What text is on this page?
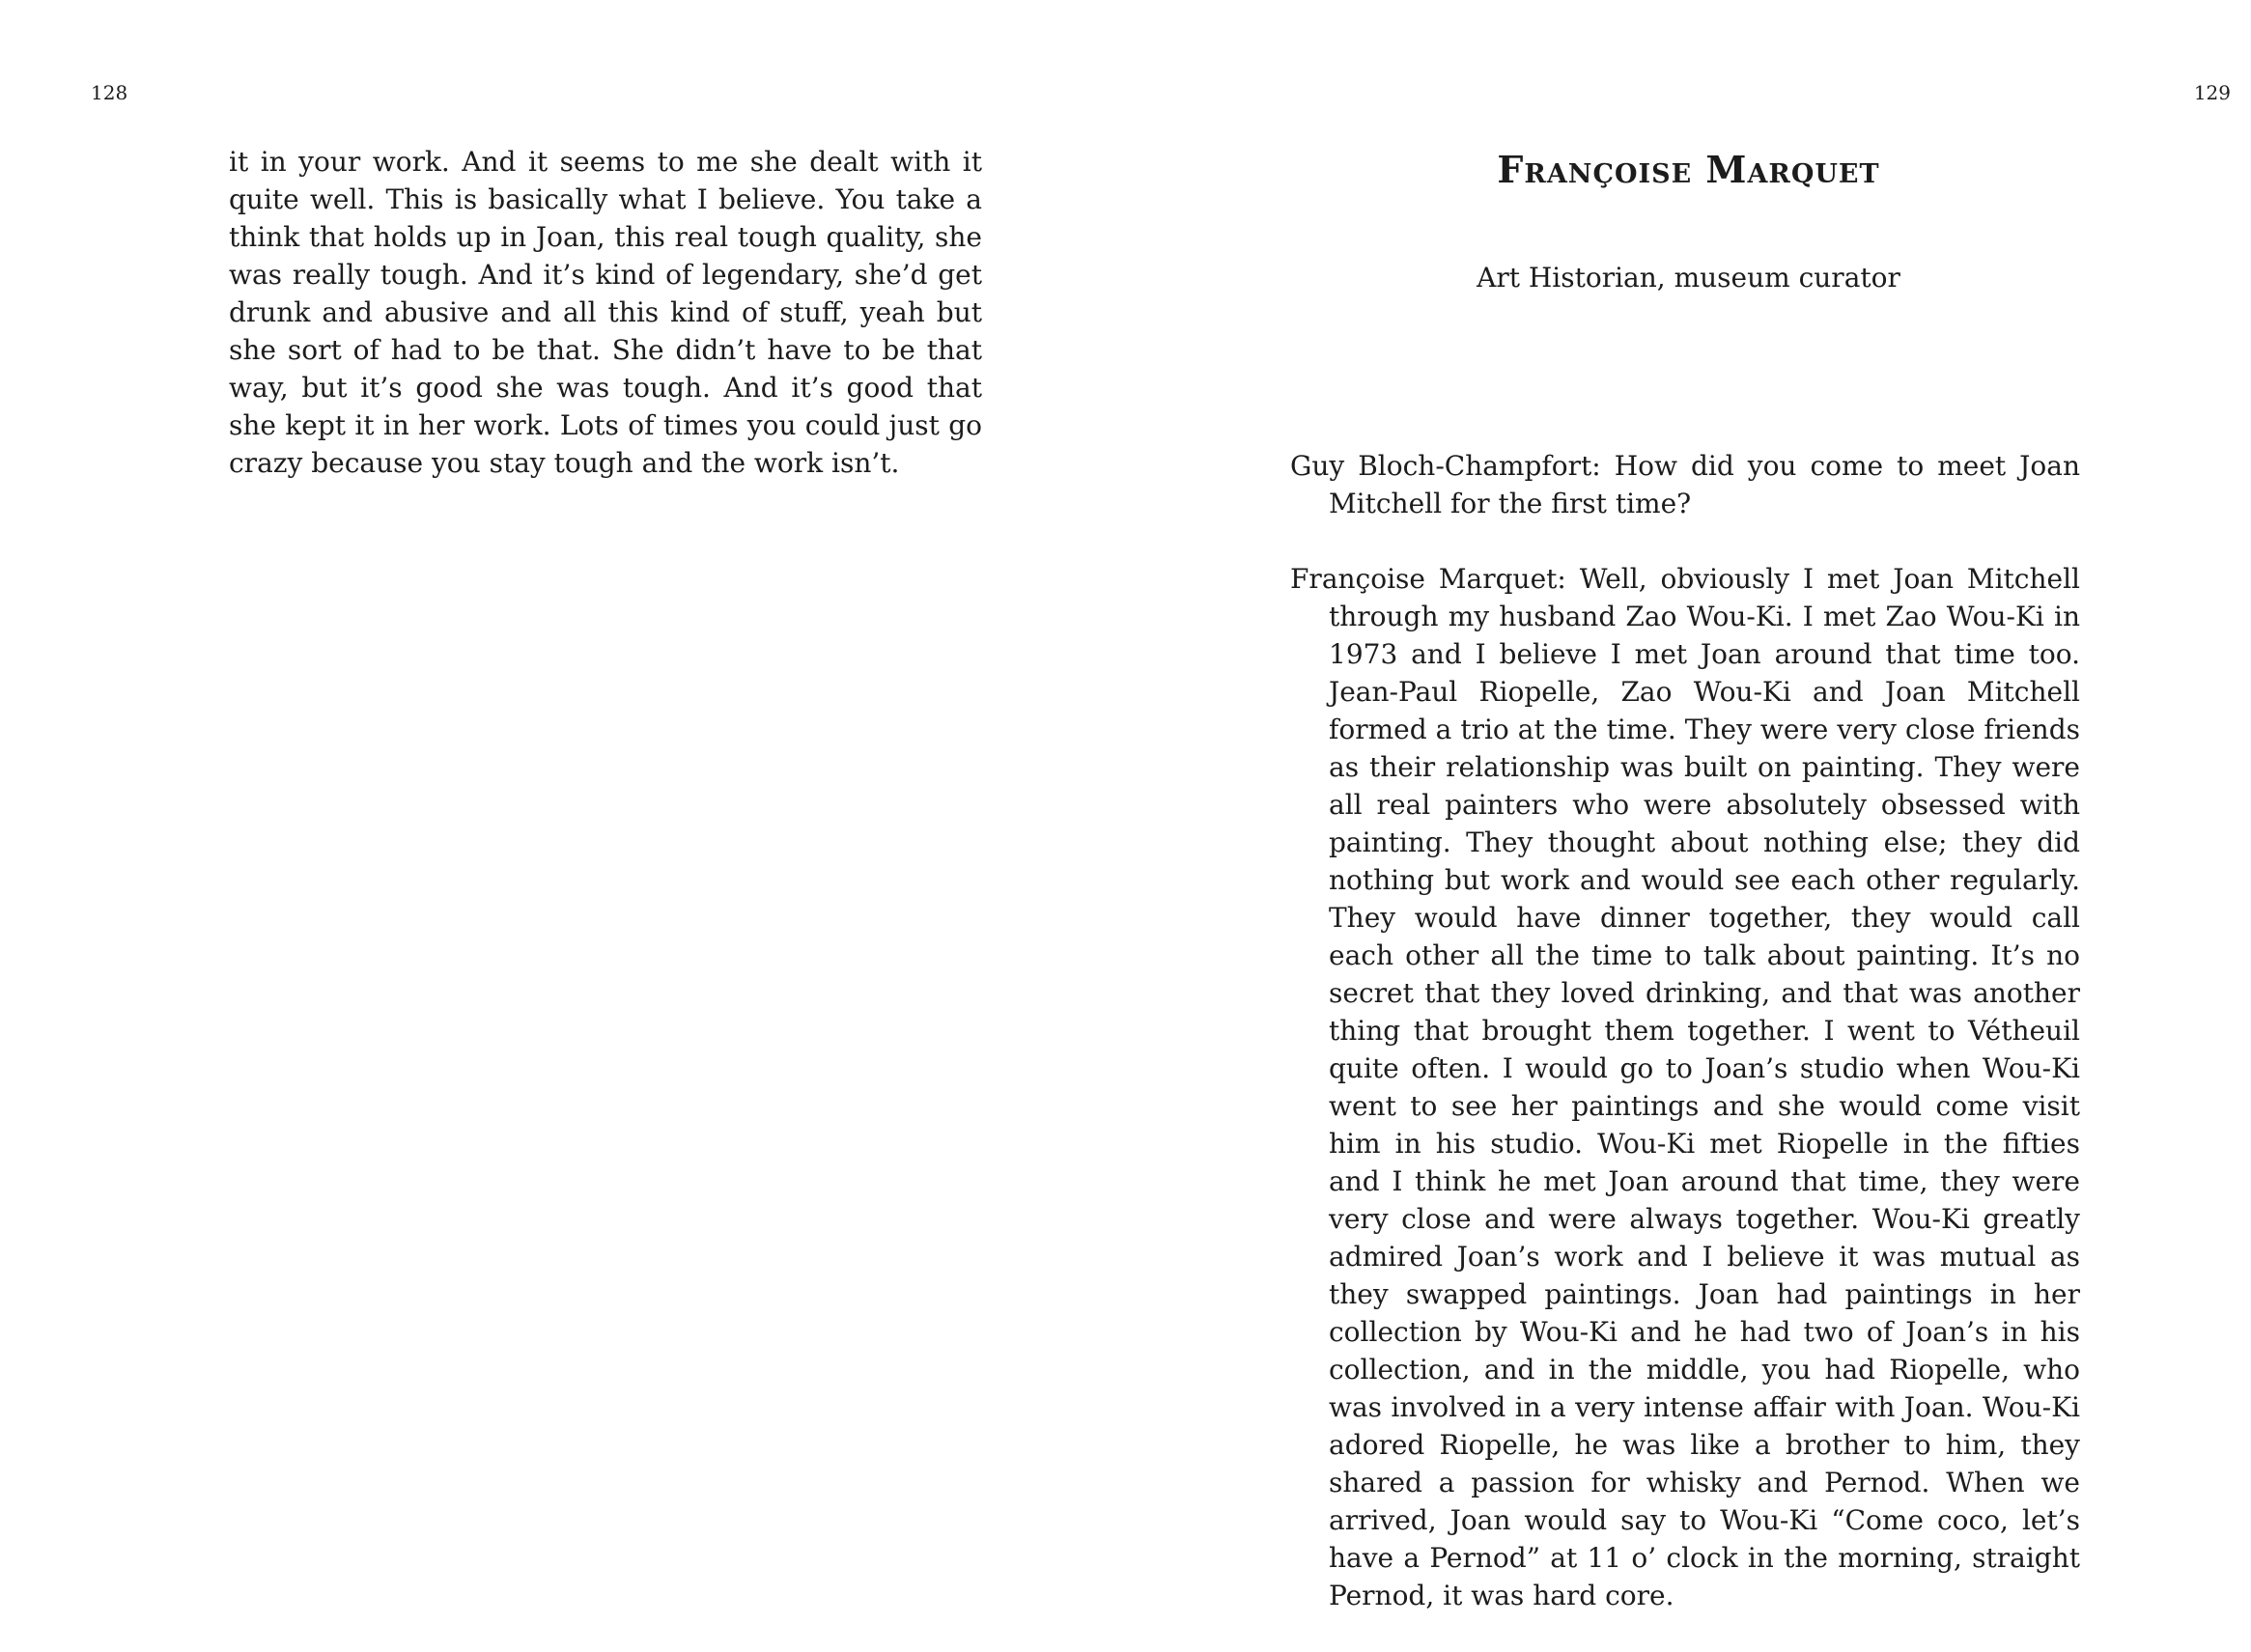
128

it in your work. And it seems to me she dealt with it quite well. This is basically what I believe. You take a think that holds up in Joan, this real tough quality, she was really tough. And it’s kind of legendary, she’d get drunk and abusive and all this kind of stuff, yeah but she sort of had to be that. She didn’t have to be that way, but it’s good she was tough. And it’s good that she kept it in her work. Lots of times you could just go crazy because you stay tough and the work isn’t.

129
Françoise Marquet
Art Historian, museum curator

Guy Bloch-Champfort: How did you come to meet Joan Mitchell for the first time?

Françoise Marquet: Well, obviously I met Joan Mitchell through my husband Zao Wou-Ki. I met Zao Wou-Ki in 1973 and I believe I met Joan around that time too. Jean-Paul Riopelle, Zao Wou-Ki and Joan Mitchell formed a trio at the time. They were very close friends as their relationship was built on painting. They were all real painters who were absolutely obsessed with painting. They thought about nothing else; they did nothing but work and would see each other regularly. They would have dinner together, they would call each other all the time to talk about painting. It’s no secret that they loved drinking, and that was another thing that brought them together. I went to Vétheuil quite often. I would go to Joan’s studio when Wou-Ki went to see her paintings and she would come visit him in his studio. Wou-Ki met Riopelle in the fifties and I think he met Joan around that time, they were very close and were always together. Wou-Ki greatly admired Joan’s work and I believe it was mutual as they swapped paintings. Joan had paintings in her collection by Wou-Ki and he had two of Joan’s in his collection, and in the middle, you had Riopelle, who was involved in a very intense affair with Joan. Wou-Ki adored Riopelle, he was like a brother to him, they shared a passion for whisky and Pernod. When we arrived, Joan would say to Wou-Ki “Come coco, let’s have a Pernod” at 11 o’ clock in the morning, straight Pernod, it was hard core.
